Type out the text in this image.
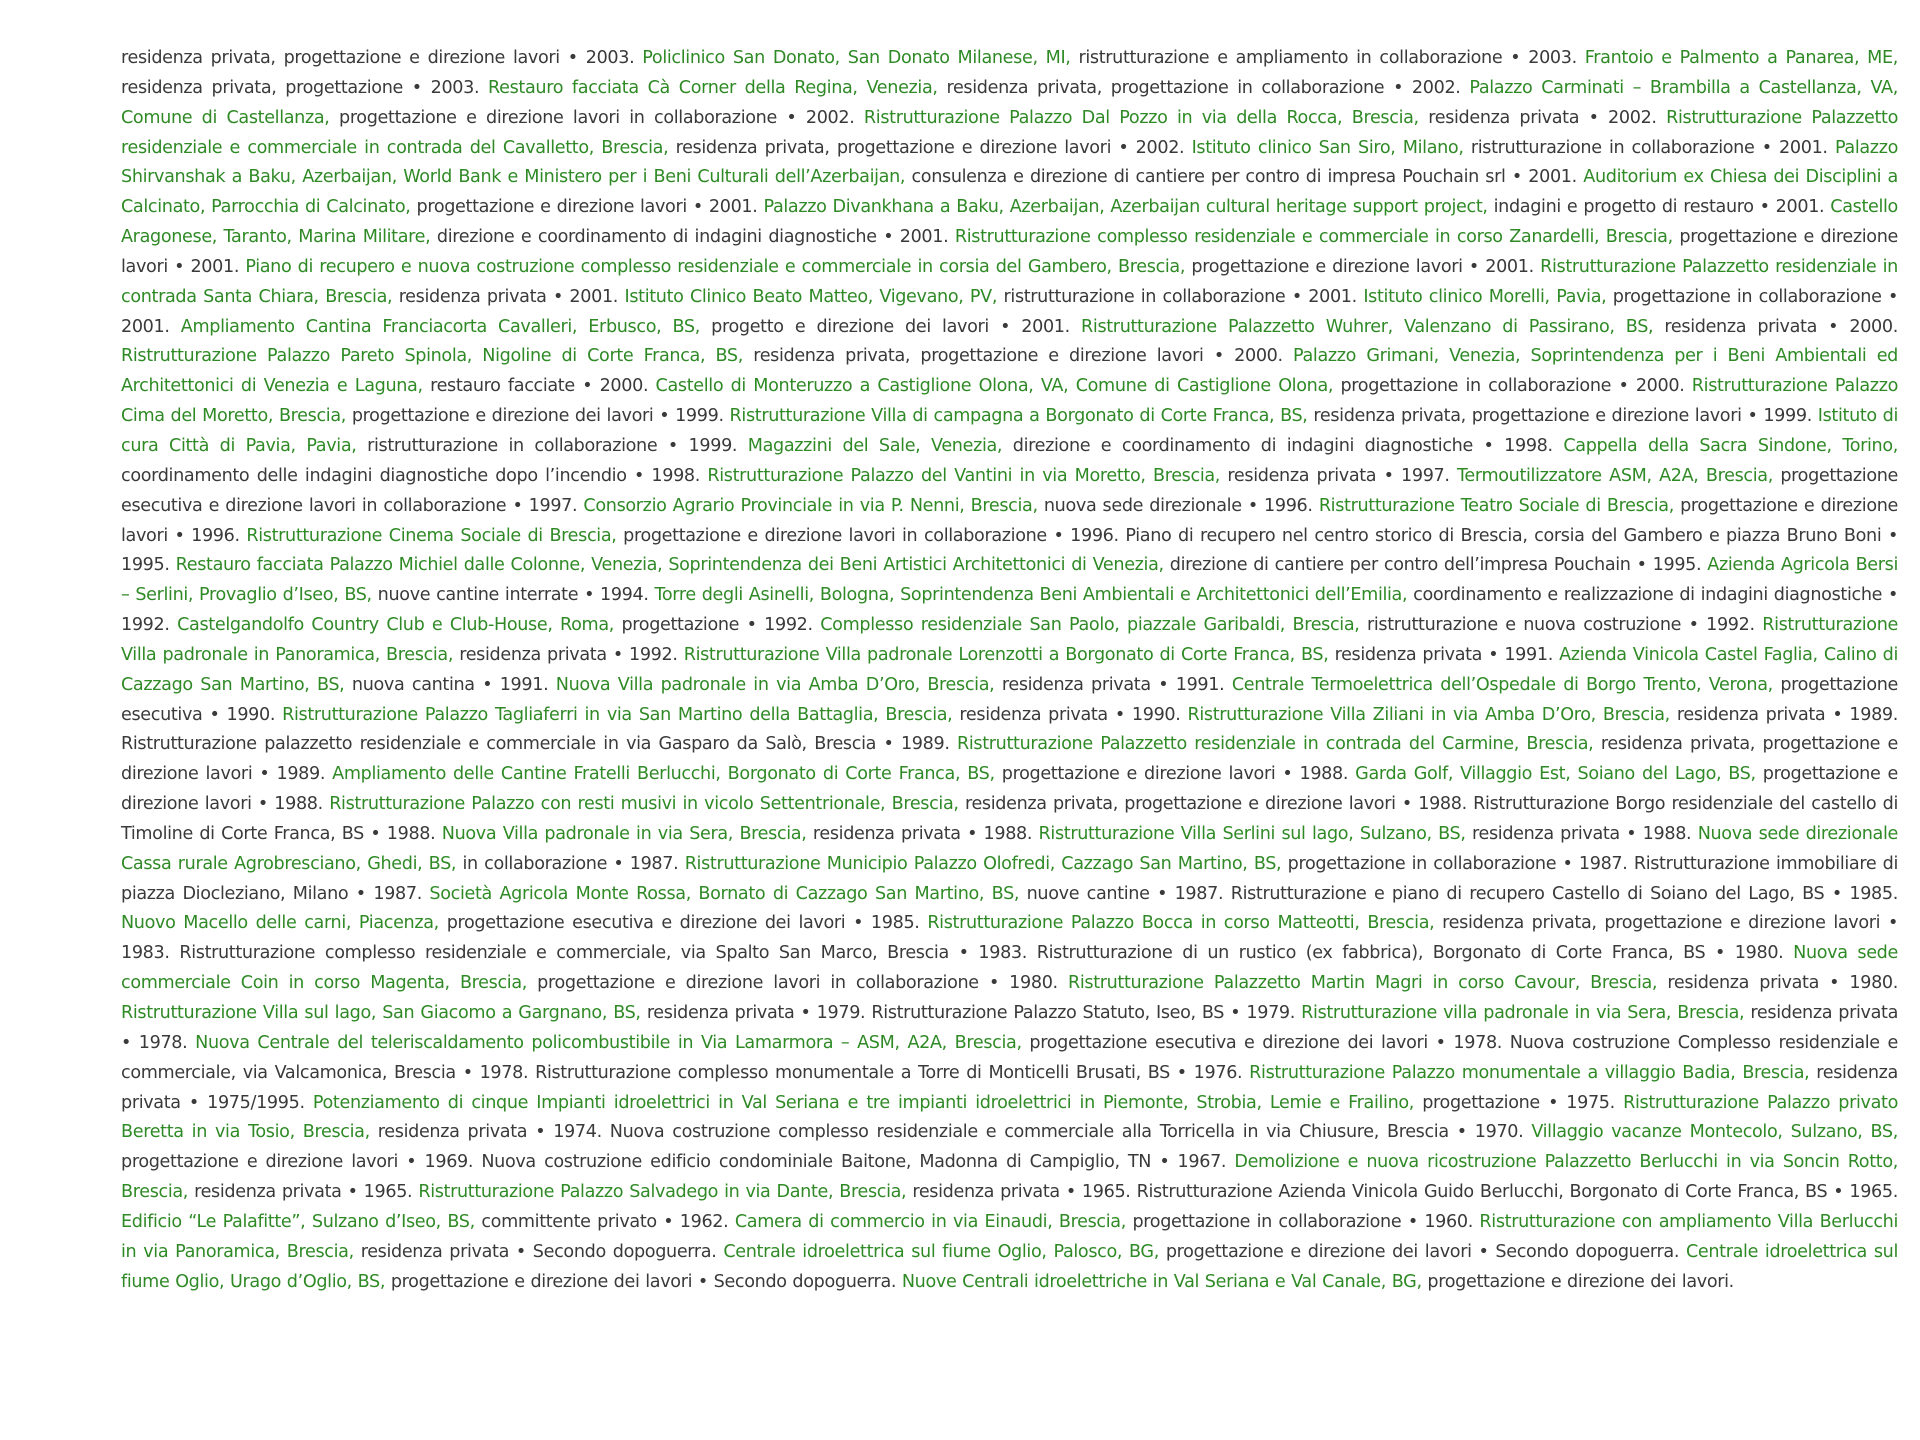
residenza privata, progettazione e direzione lavori • 2003. Policlinico San Donato, San Donato Milanese, MI, ristrutturazione e ampliamento in collaborazione • 2003. Frantoio e Palmento a Panarea, ME, residenza privata, progettazione • 2003. Restauro facciata Cà Corner della Regina, Venezia, residenza privata, progettazione in collaborazione • 2002. Palazzo Carminati – Brambilla a Castellanza, VA, Comune di Castellanza, progettazione e direzione lavori in collaborazione • 2002. Ristrutturazione Palazzo Dal Pozzo in via della Rocca, Brescia, residenza privata • 2002. Ristrutturazione Palazzetto residenziale e commerciale in contrada del Cavalletto, Brescia, residenza privata, progettazione e direzione lavori • 2002. Istituto clinico San Siro, Milano, ristrutturazione in collaborazione • 2001. Palazzo Shirvanshak a Baku, Azerbaijan, World Bank e Ministero per i Beni Culturali dell’Azerbaijan, consulenza e direzione di cantiere per contro di impresa Pouchain srl • 2001. Auditorium ex Chiesa dei Disciplini a Calcinato, Parrocchia di Calcinato, progettazione e direzione lavori • 2001. Palazzo Divankhana a Baku, Azerbaijan, Azerbaijan cultural heritage support project, indagini e progetto di restauro • 2001. Castello Aragonese, Taranto, Marina Militare, direzione e coordinamento di indagini diagnostiche • 2001. Ristrutturazione complesso residenziale e commerciale in corso Zanardelli, Brescia, progettazione e direzione lavori • 2001. Piano di recupero e nuova costruzione complesso residenziale e commerciale in corsia del Gambero, Brescia, progettazione e direzione lavori • 2001. Ristrutturazione Palazzetto residenziale in contrada Santa Chiara, Brescia, residenza privata • 2001. Istituto Clinico Beato Matteo, Vigevano, PV, ristrutturazione in collaborazione • 2001. Istituto clinico Morelli, Pavia, progettazione in collaborazione • 2001. Ampliamento Cantina Franciacorta Cavalleri, Erbusco, BS, progetto e direzione dei lavori • 2001. Ristrutturazione Palazzetto Wuhrer, Valenzano di Passirano, BS, residenza privata • 2000. Ristrutturazione Palazzo Pareto Spinola, Nigoline di Corte Franca, BS, residenza privata, progettazione e direzione lavori • 2000. Palazzo Grimani, Venezia, Soprintendenza per i Beni Ambientali ed Architettonici di Venezia e Laguna, restauro facciate • 2000. Castello di Monteruzzo a Castiglione Olona, VA, Comune di Castiglione Olona, progettazione in collaborazione • 2000. Ristrutturazione Palazzo Cima del Moretto, Brescia, progettazione e direzione dei lavori • 1999. Ristrutturazione Villa di campagna a Borgonato di Corte Franca, BS, residenza privata, progettazione e direzione lavori • 1999. Istituto di cura Città di Pavia, Pavia, ristrutturazione in collaborazione • 1999. Magazzini del Sale, Venezia, direzione e coordinamento di indagini diagnostiche • 1998. Cappella della Sacra Sindone, Torino, coordinamento delle indagini diagnostiche dopo l’incendio • 1998. Ristrutturazione Palazzo del Vantini in via Moretto, Brescia, residenza privata • 1997. Termoutilizzatore ASM, A2A, Brescia, progettazione esecutiva e direzione lavori in collaborazione • 1997. Consorzio Agrario Provinciale in via P. Nenni, Brescia, nuova sede direzionale • 1996. Ristrutturazione Teatro Sociale di Brescia, progettazione e direzione lavori • 1996. Ristrutturazione Cinema Sociale di Brescia, progettazione e direzione lavori in collaborazione • 1996. Piano di recupero nel centro storico di Brescia, corsia del Gambero e piazza Bruno Boni • 1995. Restauro facciata Palazzo Michiel dalle Colonne, Venezia, Soprintendenza dei Beni Artistici Architettonici di Venezia, direzione di cantiere per contro dell’impresa Pouchain • 1995. Azienda Agricola Bersi – Serlini, Provaglio d’Iseo, BS, nuove cantine interrate • 1994. Torre degli Asinelli, Bologna, Soprintendenza Beni Ambientali e Architettonici dell’Emilia, coordinamento e realizzazione di indagini diagnostiche • 1992. Castelgandolfo Country Club e Club-House, Roma, progettazione • 1992. Complesso residenziale San Paolo, piazzale Garibaldi, Brescia, ristrutturazione e nuova costruzione • 1992. Ristrutturazione Villa padronale in Panoramica, Brescia, residenza privata • 1992. Ristrutturazione Villa padronale Lorenzotti a Borgonato di Corte Franca, BS, residenza privata • 1991. Azienda Vinicola Castel Faglia, Calino di Cazzago San Martino, BS, nuova cantina • 1991. Nuova Villa padronale in via Amba D’Oro, Brescia, residenza privata • 1991. Centrale Termoelettrica dell’Ospedale di Borgo Trento, Verona, progettazione esecutiva • 1990. Ristrutturazione Palazzo Tagliaferri in via San Martino della Battaglia, Brescia, residenza privata • 1990. Ristrutturazione Villa Ziliani in via Amba D’Oro, Brescia, residenza privata • 1989. Ristrutturazione palazzetto residenziale e commerciale in via Gasparo da Salò, Brescia • 1989. Ristrutturazione Palazzetto residenziale in contrada del Carmine, Brescia, residenza privata, progettazione e direzione lavori • 1989. Ampliamento delle Cantine Fratelli Berlucchi, Borgonato di Corte Franca, BS, progettazione e direzione lavori • 1988. Garda Golf, Villaggio Est, Soiano del Lago, BS, progettazione e direzione lavori • 1988. Ristrutturazione Palazzo con resti musivi in vicolo Settentrionale, Brescia, residenza privata, progettazione e direzione lavori • 1988. Ristrutturazione Borgo residenziale del castello di Timoline di Corte Franca, BS • 1988. Nuova Villa padronale in via Sera, Brescia, residenza privata • 1988. Ristrutturazione Villa Serlini sul lago, Sulzano, BS, residenza privata • 1988. Nuova sede direzionale Cassa rurale Agrobresciano, Ghedi, BS, in collaborazione • 1987. Ristrutturazione Municipio Palazzo Olofredi, Cazzago San Martino, BS, progettazione in collaborazione • 1987. Ristrutturazione immobiliare di piazza Diocleziano, Milano • 1987. Società Agricola Monte Rossa, Bornato di Cazzago San Martino, BS, nuove cantine • 1987. Ristrutturazione e piano di recupero Castello di Soiano del Lago, BS • 1985. Nuovo Macello delle carni, Piacenza, progettazione esecutiva e direzione dei lavori • 1985. Ristrutturazione Palazzo Bocca in corso Matteotti, Brescia, residenza privata, progettazione e direzione lavori • 1983. Ristrutturazione complesso residenziale e commerciale, via Spalto San Marco, Brescia • 1983. Ristrutturazione di un rustico (ex fabbrica), Borgonato di Corte Franca, BS • 1980. Nuova sede commerciale Coin in corso Magenta, Brescia, progettazione e direzione lavori in collaborazione • 1980. Ristrutturazione Palazzetto Martin Magri in corso Cavour, Brescia, residenza privata • 1980. Ristrutturazione Villa sul lago, San Giacomo a Gargnano, BS, residenza privata • 1979. Ristrutturazione Palazzo Statuto, Iseo, BS • 1979. Ristrutturazione villa padronale in via Sera, Brescia, residenza privata • 1978. Nuova Centrale del teleriscaldamento policombustibile in Via Lamarmora – ASM, A2A, Brescia, progettazione esecutiva e direzione dei lavori • 1978. Nuova costruzione Complesso residenziale e commerciale, via Valcamonica, Brescia • 1978. Ristrutturazione complesso monumentale a Torre di Monticelli Brusati, BS • 1976. Ristrutturazione Palazzo monumentale a villaggio Badia, Brescia, residenza privata • 1975/1995. Potenziamento di cinque Impianti idroelettrici in Val Seriana e tre impianti idroelettrici in Piemonte, Strobia, Lemie e Frailino, progettazione • 1975. Ristrutturazione Palazzo privato Beretta in via Tosio, Brescia, residenza privata • 1974. Nuova costruzione complesso residenziale e commerciale alla Torricella in via Chiusure, Brescia • 1970. Villaggio vacanze Montecolo, Sulzano, BS, progettazione e direzione lavori • 1969. Nuova costruzione edificio condominiale Baitone, Madonna di Campiglio, TN • 1967. Demolizione e nuova ricostruzione Palazzetto Berlucchi in via Soncin Rotto, Brescia, residenza privata • 1965. Ristrutturazione Palazzo Salvadego in via Dante, Brescia, residenza privata • 1965. Ristrutturazione Azienda Vinicola Guido Berlucchi, Borgonato di Corte Franca, BS • 1965. Edificio “Le Palafitte”, Sulzano d’Iseo, BS, committente privato • 1962. Camera di commercio in via Einaudi, Brescia, progettazione in collaborazione • 1960. Ristrutturazione con ampliamento Villa Berlucchi in via Panoramica, Brescia, residenza privata • Secondo dopoguerra. Centrale idroelettrica sul fiume Oglio, Palosco, BG, progettazione e direzione dei lavori • Secondo dopoguerra. Centrale idroelettrica sul fiume Oglio, Urago d’Oglio, BS, progettazione e direzione dei lavori • Secondo dopoguerra. Nuove Centrali idroelettriche in Val Seriana e Val Canale, BG, progettazione e direzione dei lavori.
